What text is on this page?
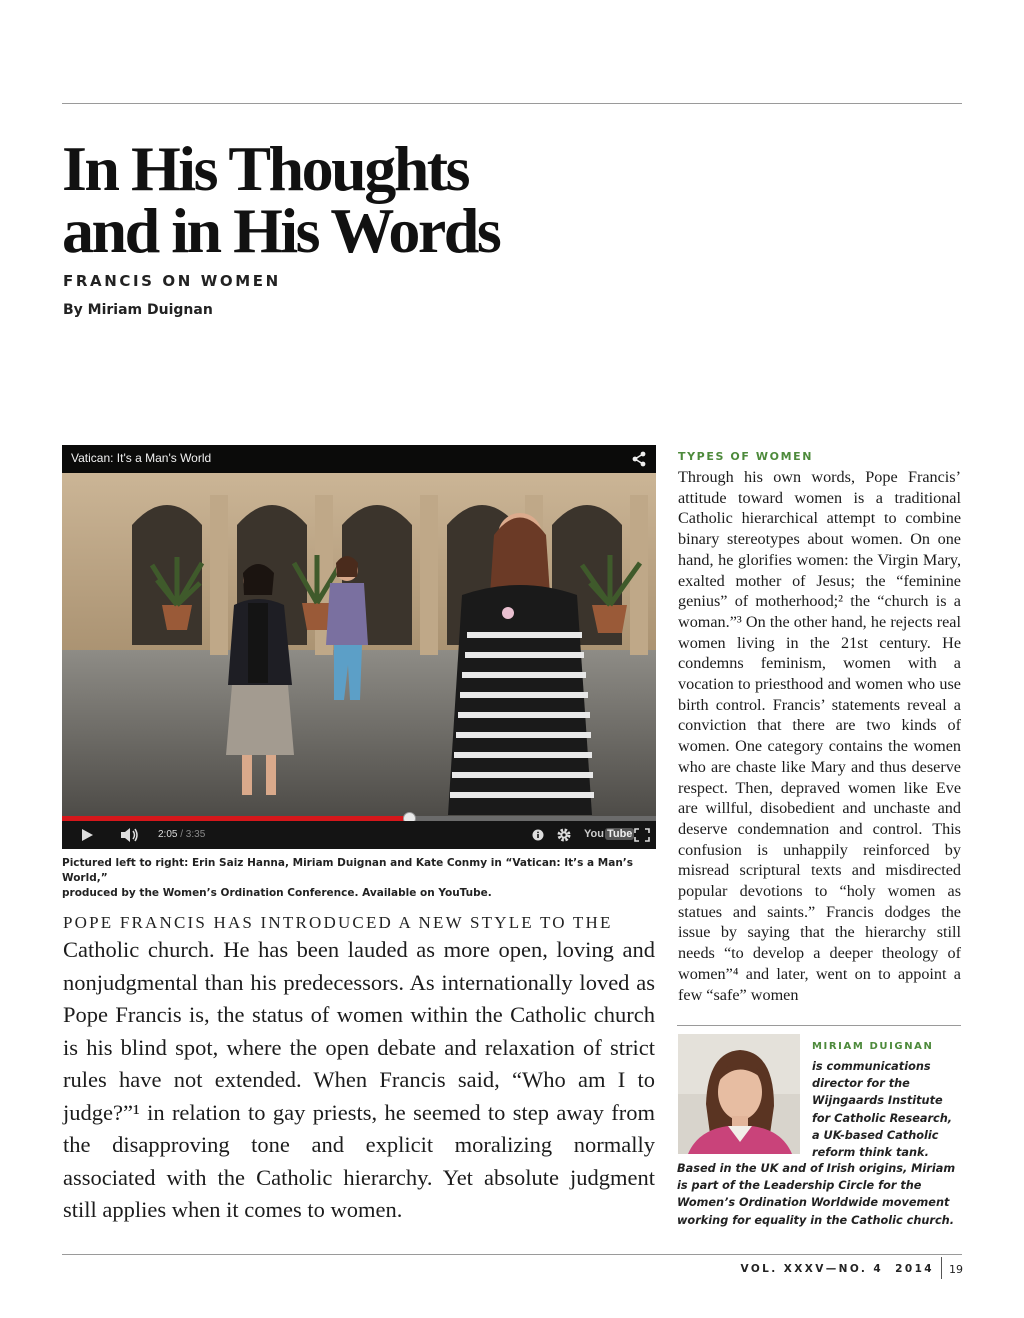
In His Thoughts
and in His Words
FRANCIS ON WOMEN
By Miriam Duignan
Vatican: It's a Man's World
2:05 / 3:35	You Tube
Pictured left to right: Erin Saiz Hanna, Miriam Duignan and Kate Conmy in “Vatican: It’s a Man’s World,”
produced by the Women’s Ordination Conference. Available on YouTube.

POPE FRANCIS HAS INTRODUCED A NEW STYLE TO THE

Catholic church. He has been lauded as more open, loving and nonjudgmental than his predecessors. As internationally loved as Pope Francis is, the status of women within the Catholic church is his blind spot, where the open debate and relaxation of strict rules have not extended. When Francis said, “Who am I to judge?”¹ in relation to gay priests, he seemed to step away from the disapproving tone and explicit moralizing normally associated with the Catholic hierarchy. Yet absolute judgment still applies when it comes to women.

TYPES OF WOMEN

Through his own words, Pope Francis’ attitude toward women is a traditional Catholic hierarchical attempt to combine binary stereotypes about women. On one hand, he glorifies women: the Virgin Mary, exalted mother of Jesus; the “feminine genius” of motherhood;² the “church is a woman.”³ On the other hand, he rejects real women living in the 21st century. He condemns feminism, women with a vocation to priesthood and women who use birth control. Francis’ statements reveal a conviction that there are two kinds of women. One category contains the women who are chaste like Mary and thus deserve respect. Then, depraved women like Eve are willful, disobedient and unchaste and deserve condemnation and control. This confusion is unhappily reinforced by misread scriptural texts and misdirected popular devotions to “holy women as statues and saints.” Francis dodges the issue by saying that the hierarchy still needs “to develop a deeper theology of women”⁴ and later, went on to appoint a few “safe” women

MIRIAM DUIGNAN
is communications
director for the
Wijngaards Institute
for Catholic Research,
a UK-based Catholic
reform think tank.
Based in the UK and of Irish origins, Miriam
is part of the Leadership Circle for the
Women’s Ordination Worldwide movement
working for equality in the Catholic church.
VOL. XXXV—NO. 4  2014 19
